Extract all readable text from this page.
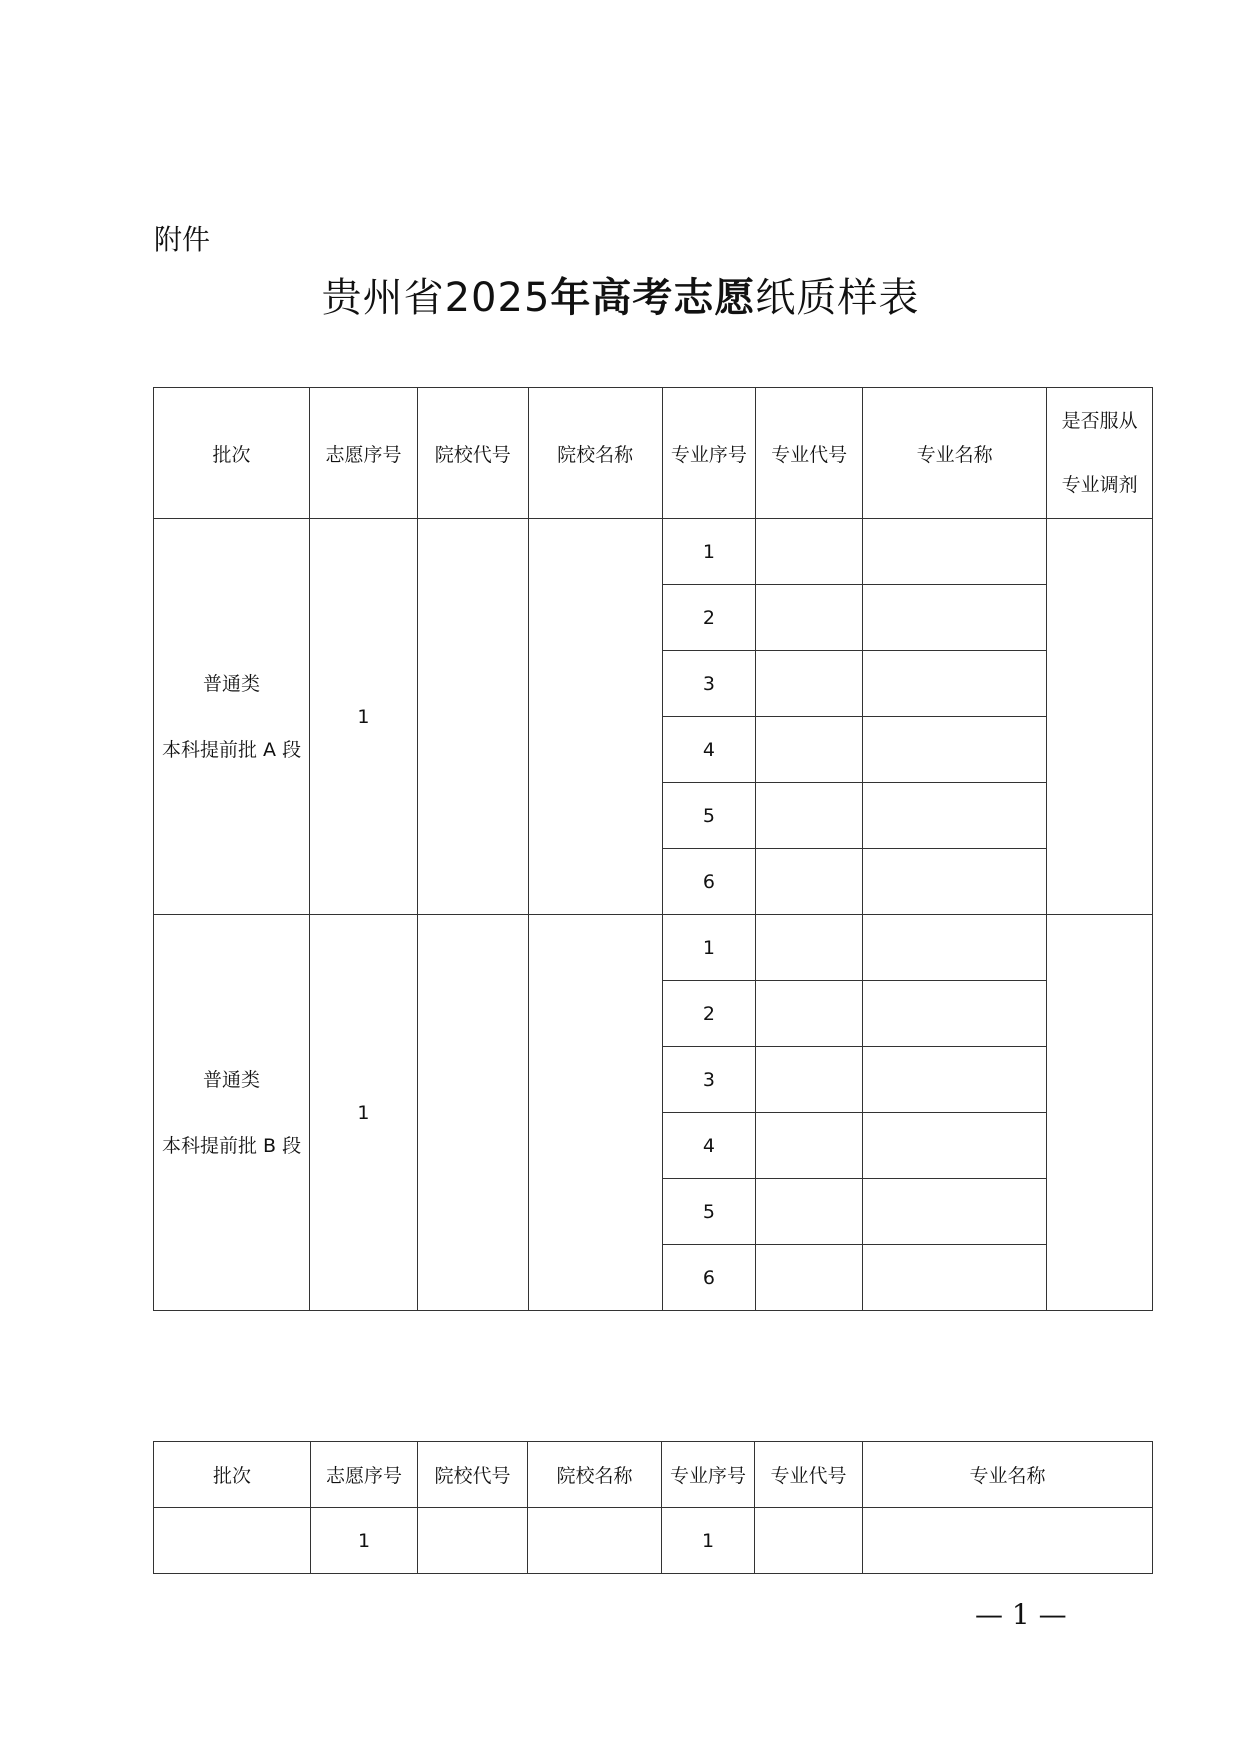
附件
贵州省2025年高考志愿纸质样表
批次	志愿序号	院校代号	院校名称	专业序号	专业代号	专业名称	是否服从
专业调剂

普通类
本科提前批 A 段	1			1			
				2			
				3			
				4			
				5			
				6			

普通类
本科提前批 B 段	1			1			
				2			
				3			
				4			
				5			
				6			
批次	志愿序号	院校代号	院校名称	专业序号	专业代号	专业名称
	1			1		
— 1 —
